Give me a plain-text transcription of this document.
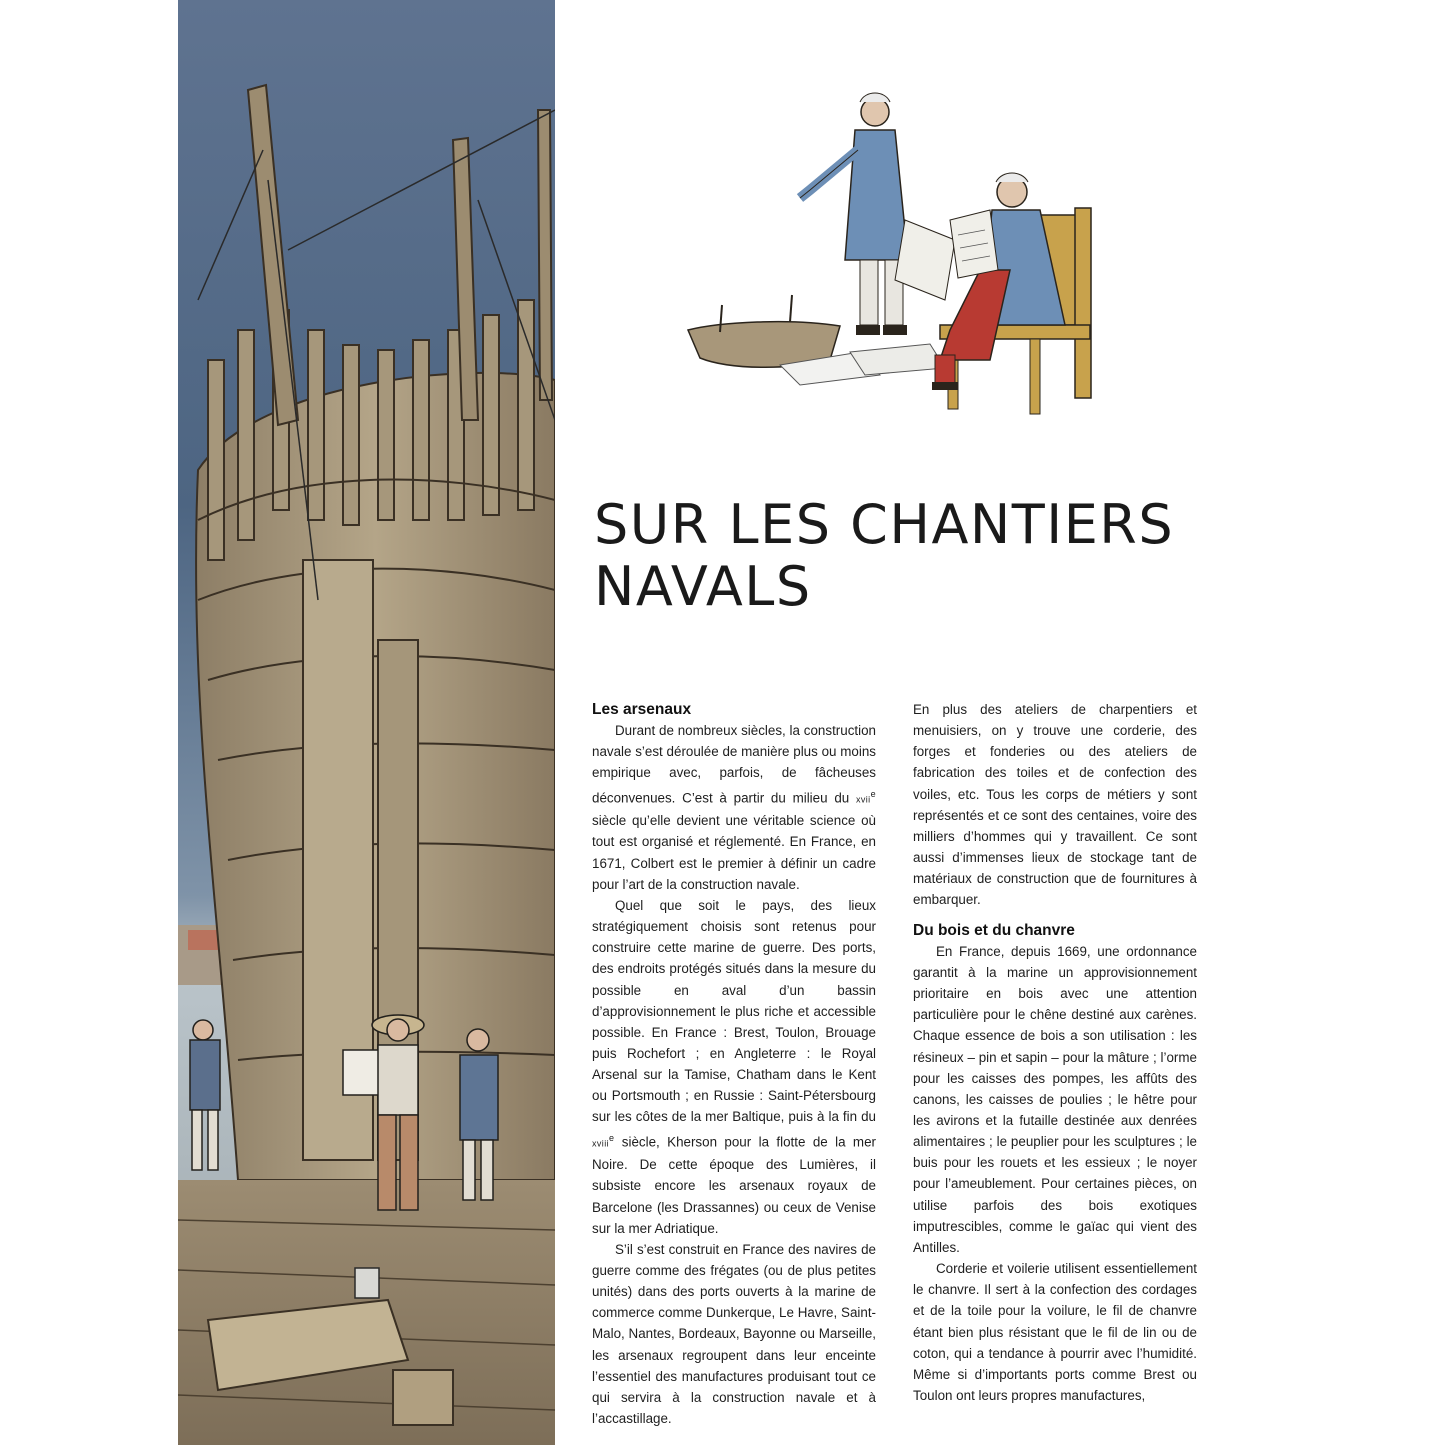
SUR LES CHANTIERS
NAVALS
Les arsenaux

Durant de nombreux siècles, la construction navale s’est déroulée de manière plus ou moins empirique avec, parfois, de fâcheuses déconvenues. C’est à partir du milieu du xvii$^e$ siècle qu’elle devient une véritable science où tout est organisé et réglementé. En France, en 1671, Colbert est le premier à définir un cadre pour l’art de la construction navale.

Quel que soit le pays, des lieux stratégiquement choisis sont retenus pour construire cette marine de guerre. Des ports, des endroits protégés situés dans la mesure du possible en aval d’un bassin d’approvisionnement le plus riche et accessible possible. En France : Brest, Toulon, Brouage puis Rochefort ; en Angleterre : le Royal Arsenal sur la Tamise, Chatham dans le Kent ou Portsmouth ; en Russie : Saint-Pétersbourg sur les côtes de la mer Baltique, puis à la fin du xviii$^e$ siècle, Kherson pour la flotte de la mer Noire. De cette époque des Lumières, il subsiste encore les arsenaux royaux de Barcelone (les Drassannes) ou ceux de Venise sur la mer Adriatique.

S’il s’est construit en France des navires de guerre comme des frégates (ou de plus petites unités) dans des ports ouverts à la marine de commerce comme Dunkerque, Le Havre, Saint-Malo, Nantes, Bordeaux, Bayonne ou Marseille, les arsenaux regroupent dans leur enceinte l’essentiel des manufactures produisant tout ce qui servira à la construction navale et à l’accastillage.

En plus des ateliers de charpentiers et menuisiers, on y trouve une corderie, des forges et fonderies ou des ateliers de fabrication des toiles et de confection des voiles, etc. Tous les corps de métiers y sont représentés et ce sont des centaines, voire des milliers d’hommes qui y travaillent. Ce sont aussi d’immenses lieux de stockage tant de matériaux de construction que de fournitures à embarquer.

Du bois et du chanvre

En France, depuis 1669, une ordonnance garantit à la marine un approvisionnement prioritaire en bois avec une attention particulière pour le chêne destiné aux carènes. Chaque essence de bois a son utilisation : les résineux – pin et sapin – pour la mâture ; l’orme pour les caisses des pompes, les affûts des canons, les caisses de poulies ; le hêtre pour les avirons et la futaille destinée aux denrées alimentaires ; le peuplier pour les sculptures ; le buis pour les rouets et les essieux ; le noyer pour l’ameublement. Pour certaines pièces, on utilise parfois des bois exotiques imputrescibles, comme le gaïac qui vient des Antilles.

Corderie et voilerie utilisent essentiellement le chanvre. Il sert à la confection des cordages et de la toile pour la voilure, le fil de chanvre étant bien plus résistant que le fil de lin ou de coton, qui a tendance à pourrir avec l’humidité. Même si d’importants ports comme Brest ou Toulon ont leurs propres manufactures,
